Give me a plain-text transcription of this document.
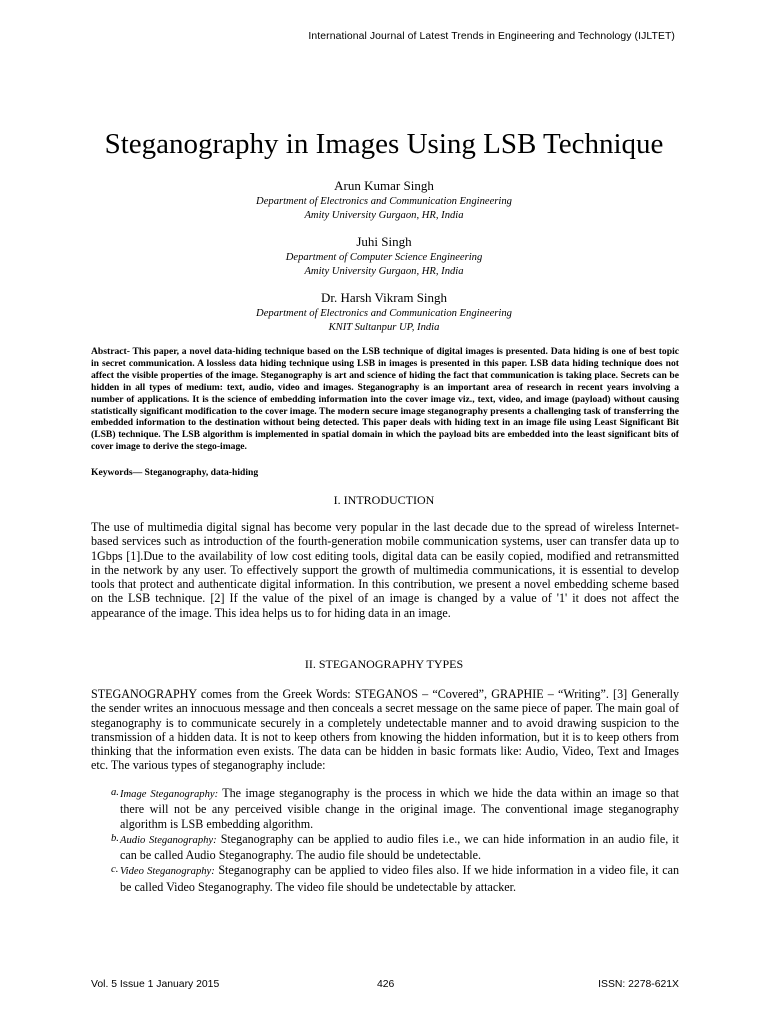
International Journal of Latest Trends in Engineering and Technology (IJLTET)
Steganography in Images Using LSB Technique
Arun Kumar Singh
Department of Electronics and Communication Engineering
Amity University Gurgaon, HR, India
Juhi Singh
Department of Computer Science Engineering
Amity University Gurgaon, HR, India
Dr. Harsh Vikram Singh
Department of Electronics and Communication Engineering
KNIT Sultanpur UP, India
Abstract- This paper, a novel data-hiding technique based on the LSB technique of digital images is presented. Data hiding is one of best topic in secret communication. A lossless data hiding technique using LSB in images is presented in this paper. LSB data hiding technique does not affect the visible properties of the image. Steganography is art and science of hiding the fact that communication is taking place. Secrets can be hidden in all types of medium: text, audio, video and images. Steganography is an important area of research in recent years involving a number of applications. It is the science of embedding information into the cover image viz., text, video, and image (payload) without causing statistically significant modification to the cover image. The modern secure image steganography presents a challenging task of transferring the embedded information to the destination without being detected. This paper deals with hiding text in an image file using Least Significant Bit (LSB) technique. The LSB algorithm is implemented in spatial domain in which the payload bits are embedded into the least significant bits of cover image to derive the stego-image.
Keywords— Steganography, data-hiding
I. INTRODUCTION

The use of multimedia digital signal has become very popular in the last decade due to the spread of wireless Internet-based services such as introduction of the fourth-generation mobile communication systems, user can transfer data up to 1Gbps [1].Due to the availability of low cost editing tools, digital data can be easily copied, modified and retransmitted in the network by any user. To effectively support the growth of multimedia communications, it is essential to develop tools that protect and authenticate digital information. In this contribution, we present a novel embedding scheme based on the LSB technique. [2] If the value of the pixel of an image is changed by a value of '1' it does not affect the appearance of the image. This idea helps us to for hiding data in an image.

II. STEGANOGRAPHY TYPES

STEGANOGRAPHY comes from the Greek Words: STEGANOS – “Covered”, GRAPHIE – “Writing”. [3] Generally the sender writes an innocuous message and then conceals a secret message on the same piece of paper. The main goal of steganography is to communicate securely in a completely undetectable manner and to avoid drawing suspicion to the transmission of a hidden data. It is not to keep others from knowing the hidden information, but it is to keep others from thinking that the information even exists. The data can be hidden in basic formats like: Audio, Video, Text and Images etc. The various types of steganography include:

a. Image Steganography: The image steganography is the process in which we hide the data within an image so that there will not be any perceived visible change in the original image. The conventional image steganography algorithm is LSB embedding algorithm.
b. Audio Steganography: Steganography can be applied to audio files i.e., we can hide information in an audio file, it can be called Audio Steganography. The audio file should be undetectable.
c. Video Steganography: Steganography can be applied to video files also. If we hide information in a video file, it can be called Video Steganography. The video file should be undetectable by attacker.
Vol. 5 Issue 1 January 2015	426	ISSN: 2278-621X
